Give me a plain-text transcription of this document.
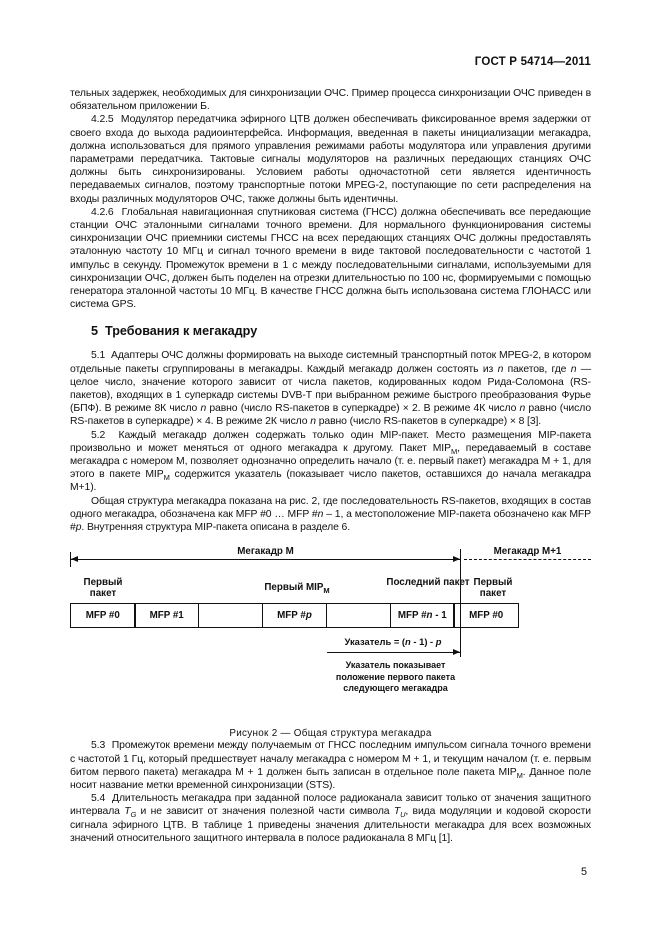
ГОСТ Р 54714—2011

тельных задержек, необходимых для синхронизации ОЧС. Пример процесса синхронизации ОЧС приведен в обязательном приложении Б.

4.2.5  Модулятор передатчика эфирного ЦТВ должен обеспечивать фиксированное время задержки от своего входа до выхода радиоинтерфейса. Информация, введенная в пакеты инициализации мегакадра, должна использоваться для прямого управления режимами работы модулятора или управления другими параметрами передатчика. Тактовые сигналы модуляторов на различных передающих станциях ОЧС должны быть синхронизированы. Условием работы одночастотной сети является идентичность передаваемых сигналов, поэтому транспортные потоки MPEG-2, поступающие по сети распределения на входы различных модуляторов ОЧС, также должны быть идентичны.

4.2.6  Глобальная навигационная спутниковая система (ГНСС) должна обеспечивать все передающие станции ОЧС эталонными сигналами точного времени. Для нормального функционирования системы синхронизации ОЧС приемники системы ГНСС на всех передающих станциях ОЧС должны предоставлять эталонную частоту 10 МГц и сигнал точного времени в виде тактовой последовательности с частотой 1 импульс в секунду. Промежуток времени в 1 с между последовательными сигналами, используемыми для синхронизации ОЧС, должен быть поделен на отрезки длительностью по 100 нс, формируемыми с помощью генератора эталонной частоты 10 МГц. В качестве ГНСС должна быть использована система ГЛОНАСС или система GPS.

5  Требования к мегакадру

5.1  Адаптеры ОЧС должны формировать на выходе системный транспортный поток MPEG-2, в котором отдельные пакеты сгруппированы в мегакадры. Каждый мегакадр должен состоять из n пакетов, где n — целое число, значение которого зависит от числа пакетов, кодированных кодом Рида-Соломона (RS-пакетов), входящих в 1 суперкадр системы DVB-T при выбранном режиме быстрого преобразования Фурье (БПФ). В режиме 8К число n равно (число RS-пакетов в суперкадре) × 2. В режиме 4К число n равно (число RS-пакетов в суперкадре) × 4. В режиме 2К число n равно (число RS-пакетов в суперкадре) × 8 [3].

5.2  Каждый мегакадр должен содержать только один MIP-пакет. Место размещения MIP-пакета произвольно и может меняться от одного мегакадра к другому. Пакет $MIP_М$, передаваемый в составе мегакадра с номером М, позволяет однозначно определить начало (т. е. первый пакет) мегакадра М + 1, для этого в пакете $MIP_М$ содержится указатель (показывает число пакетов, оставшихся до начала мегакадра М+1).

Общая структура мегакадра показана на рис. 2, где последовательность RS-пакетов, входящих в состав одного мегакадра, обозначена как MFP #0 … MFP #n – 1, а местоположение MIP-пакета обозначено как MFP #p. Внутренняя структура MIP-пакета описана в разделе 6.

Мегакадр М	Мегакадр М+1
Первый пакет
Первый $MIP_М$
Последний пакет Первый пакет
MFP #0	MFP #1	MFP #p	MFP #n - 1	MFP #0
Указатель = (n - 1) - p
Указатель показывает
положение первого пакета
следующего мегакадра
Рисунок 2 — Общая структура мегакадра

5.3  Промежуток времени между получаемым от ГНСС последним импульсом сигнала точного времени с частотой 1 Гц, который предшествует началу мегакадра с номером М + 1, и текущим началом (т. е. первым битом первого пакета) мегакадра М + 1 должен быть записан в отдельное поле пакета $MIP_М$. Данное поле носит название метки временной синхронизации (STS).

5.4  Длительность мегакадра при заданной полосе радиоканала зависит только от значения защитного интервала $Т_G$ и не зависит от значения полезной части символа $Т_U$, вида модуляции и кодовой скорости сигнала эфирного ЦТВ. В таблице 1 приведены значения длительности мегакадра для всех возможных значений относительного защитного интервала в полосе радиоканала 8 МГц [1].

5
